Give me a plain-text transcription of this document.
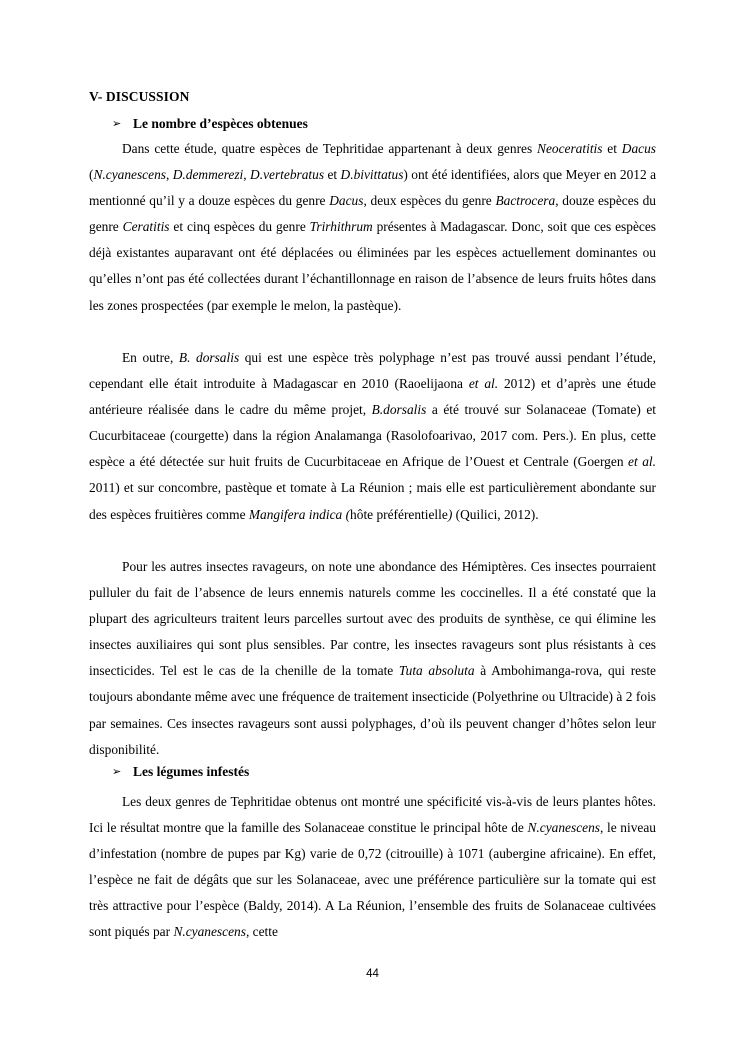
V- DISCUSSION
➢ Le nombre d’espèces obtenues

Dans cette étude, quatre espèces de Tephritidae appartenant à deux genres Neoceratitis et Dacus (N.cyanescens, D.demmerezi, D.vertebratus et D.bivittatus) ont été identifiées, alors que Meyer en 2012 a mentionné qu’il y a douze espèces du genre Dacus, deux espèces du genre Bactrocera, douze espèces du genre Ceratitis et cinq espèces du genre Trirhithrum présentes à Madagascar. Donc, soit que ces espèces déjà existantes auparavant ont été déplacées ou éliminées par les espèces actuellement dominantes ou qu’elles n’ont pas été collectées durant l’échantillonnage en raison de l’absence de leurs fruits hôtes dans les zones prospectées (par exemple le melon, la pastèque).

En outre, B. dorsalis qui est une espèce très polyphage n’est pas trouvé aussi pendant l’étude, cependant elle était introduite à Madagascar en 2010 (Raoelijaona et al. 2012) et d’après une étude antérieure réalisée dans le cadre du même projet, B.dorsalis a été trouvé sur Solanaceae (Tomate) et Cucurbitaceae (courgette) dans la région Analamanga (Rasolofoarivao, 2017 com. Pers.). En plus, cette espèce a été détectée sur huit fruits de Cucurbitaceae en Afrique de l’Ouest et Centrale (Goergen et al. 2011) et sur concombre, pastèque et tomate à La Réunion ; mais elle est particulièrement abondante sur des espèces fruitières comme Mangifera indica (hôte préférentielle) (Quilici, 2012).

Pour les autres insectes ravageurs, on note une abondance des Hémiptères. Ces insectes pourraient pulluler du fait de l’absence de leurs ennemis naturels comme les coccinelles. Il a été constaté que la plupart des agriculteurs traitent leurs parcelles surtout avec des produits de synthèse, ce qui élimine les insectes auxiliaires qui sont plus sensibles. Par contre, les insectes ravageurs sont plus résistants à ces insecticides. Tel est le cas de la chenille de la tomate Tuta absoluta à Ambohimanga-rova, qui reste toujours abondante même avec une fréquence de traitement insecticide (Polyethrine ou Ultracide) à 2 fois par semaines. Ces insectes ravageurs sont aussi polyphages, d’où ils peuvent changer d’hôtes selon leur disponibilité.

➢ Les légumes infestés

Les deux genres de Tephritidae obtenus ont montré une spécificité vis-à-vis de leurs plantes hôtes. Ici le résultat montre que la famille des Solanaceae constitue le principal hôte de N.cyanescens, le niveau d’infestation (nombre de pupes par Kg) varie de 0,72 (citrouille) à 1071 (aubergine africaine). En effet, l’espèce ne fait de dégâts que sur les Solanaceae, avec une préférence particulière sur la tomate qui est très attractive pour l’espèce (Baldy, 2014). A La Réunion, l’ensemble des fruits de Solanaceae cultivées sont piqués par N.cyanescens, cette

44
